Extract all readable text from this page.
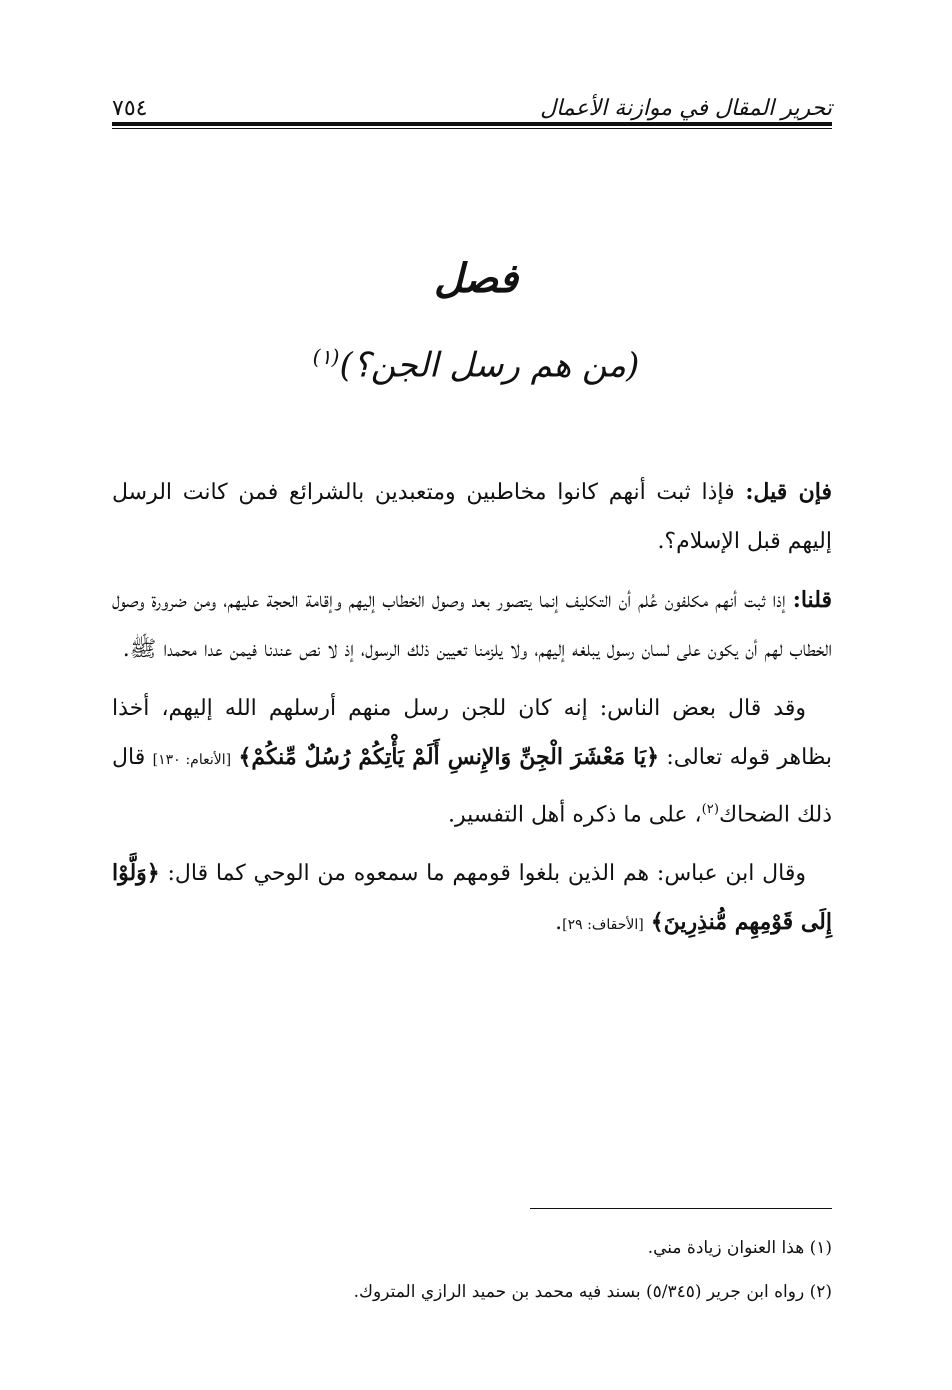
تحرير المقال في موازنة الأعمال
٧٥٤
فصل
(من هم رسل الجن؟)$^{(١)}$

فإن قيل: فإذا ثبت أنهم كانوا مخاطبين ومتعبدين بالشرائع فمن كانت الرسل إليهم قبل الإسلام؟.

قلنا: إذا ثبت أنهم مكلفون عُلم أن التكليف إنما يتصور بعد وصول الخطاب إليهم وإقامة الحجة عليهم، ومن ضرورة وصول الخطاب لهم أن يكون على لسان رسول يبلغه إليهم، ولا يلزمنا تعيين ذلك الرسول، إذ لا نص عندنا فيمن عدا محمدا ﷺ.

وقد قال بعض الناس: إنه كان للجن رسل منهم أرسلهم الله إليهم، أخذا بظاهر قوله تعالى: ﴿يَا مَعْشَرَ الْجِنِّ وَالإِنسِ أَلَمْ يَأْتِكُمْ رُسُلٌ مِّنكُمْ﴾ [الأنعام: ١٣٠] قال ذلك الضحاك$^{(٢)}$، على ما ذكره أهل التفسير.

وقال ابن عباس: هم الذين بلغوا قومهم ما سمعوه من الوحي كما قال: ﴿وَلَّوْا إِلَى قَوْمِهِم مُّنذِرِينَ﴾ [الأحقاف: ٢٩].

(١) هذا العنوان زيادة مني.
(٢) رواه ابن جرير (٥/٣٤٥) بسند فيه محمد بن حميد الرازي المتروك.
